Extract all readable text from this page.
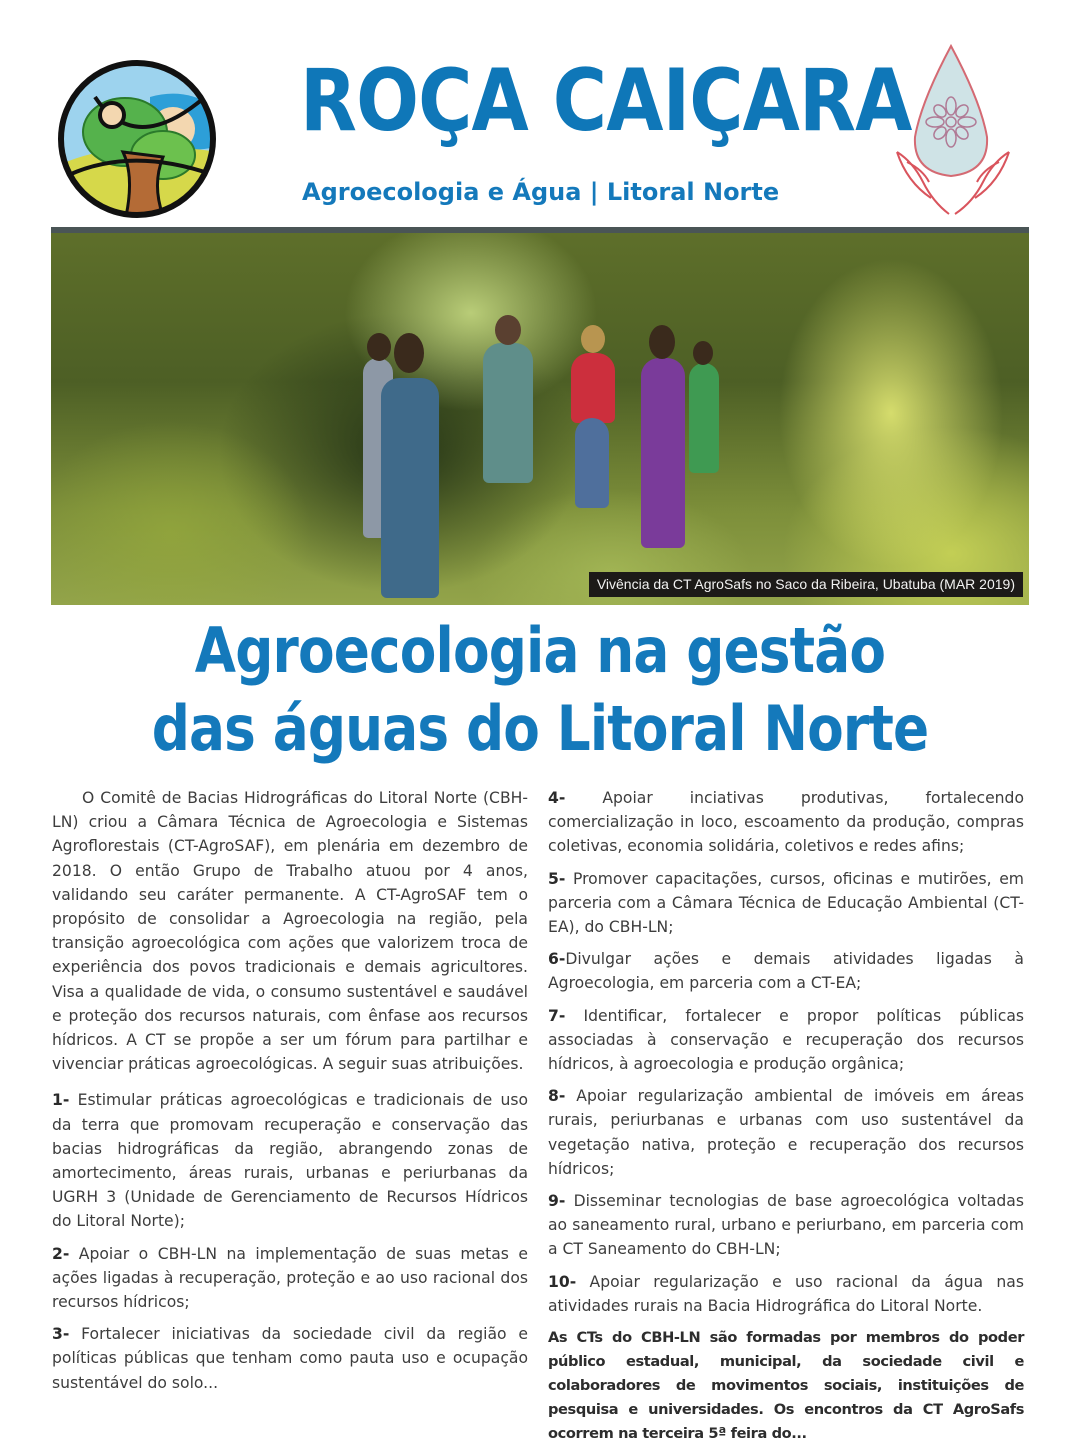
ROÇA CAIÇARA
Agroecologia e Água | Litoral Norte
Vivência da CT AgroSafs no Saco da Ribeira, Ubatuba (MAR 2019)
Agroecologia na gestão
das águas do Litoral Norte

O Comitê de Bacias Hidrográficas do Litoral Norte (CBH-LN) criou a Câmara Técnica de Agroecologia e Sistemas Agroflorestais (CT-AgroSAF), em plenária em dezembro de 2018. O então Grupo de Trabalho atuou por 4 anos, validando seu caráter permanente. A CT-AgroSAF tem o propósito de consolidar a Agroecologia na região, pela transição agroecológica com ações que valorizem troca de experiência dos povos tradicionais e demais agricultores. Visa a qualidade de vida, o consumo sustentável e saudável e proteção dos recursos naturais, com ênfase aos recursos hídricos. A CT se propõe a ser um fórum para partilhar e vivenciar práticas agroecológicas. A seguir suas atribuições.

1- Estimular práticas agroecológicas e tradicionais de uso da terra que promovam recuperação e conservação das bacias hidrográficas da região, abrangendo zonas de amortecimento, áreas rurais, urbanas e periurbanas da UGRH 3 (Unidade de Gerenciamento de Recursos Hídricos do Litoral Norte);

2- Apoiar o CBH-LN na implementação de suas metas e ações ligadas à recuperação, proteção e ao uso racional dos recursos hídricos;

3- Fortalecer iniciativas da sociedade civil da região e políticas públicas que tenham como pauta uso e ocupação sustentável do solo...

4- Apoiar inciativas produtivas, fortalecendo comercialização in loco, escoamento da produção, compras coletivas, economia solidária, coletivos e redes afins;

5- Promover capacitações, cursos, oficinas e mutirões, em parceria com a Câmara Técnica de Educação Ambiental (CT-EA), do CBH-LN;

6-Divulgar ações e demais atividades ligadas à Agroecologia, em parceria com a CT-EA;

7- Identificar, fortalecer e propor políticas públicas associadas à conservação e recuperação dos recursos hídricos, à agroecologia e produção orgânica;

8- Apoiar regularização ambiental de imóveis em áreas rurais, periurbanas e urbanas com uso sustentável da vegetação nativa, proteção e recuperação dos recursos hídricos;

9- Disseminar tecnologias de base agroecológica voltadas ao saneamento rural, urbano e periurbano, em parceria com a CT Saneamento do CBH-LN;

10- Apoiar regularização e uso racional da água nas atividades rurais na Bacia Hidrográfica do Litoral Norte.

As CTs do CBH-LN são formadas por membros do poder público estadual, municipal, da sociedade civil e colaboradores de movimentos sociais, instituições de pesquisa e universidades. Os encontros da CT AgroSafs ocorrem na terceira 5ª feira do...
